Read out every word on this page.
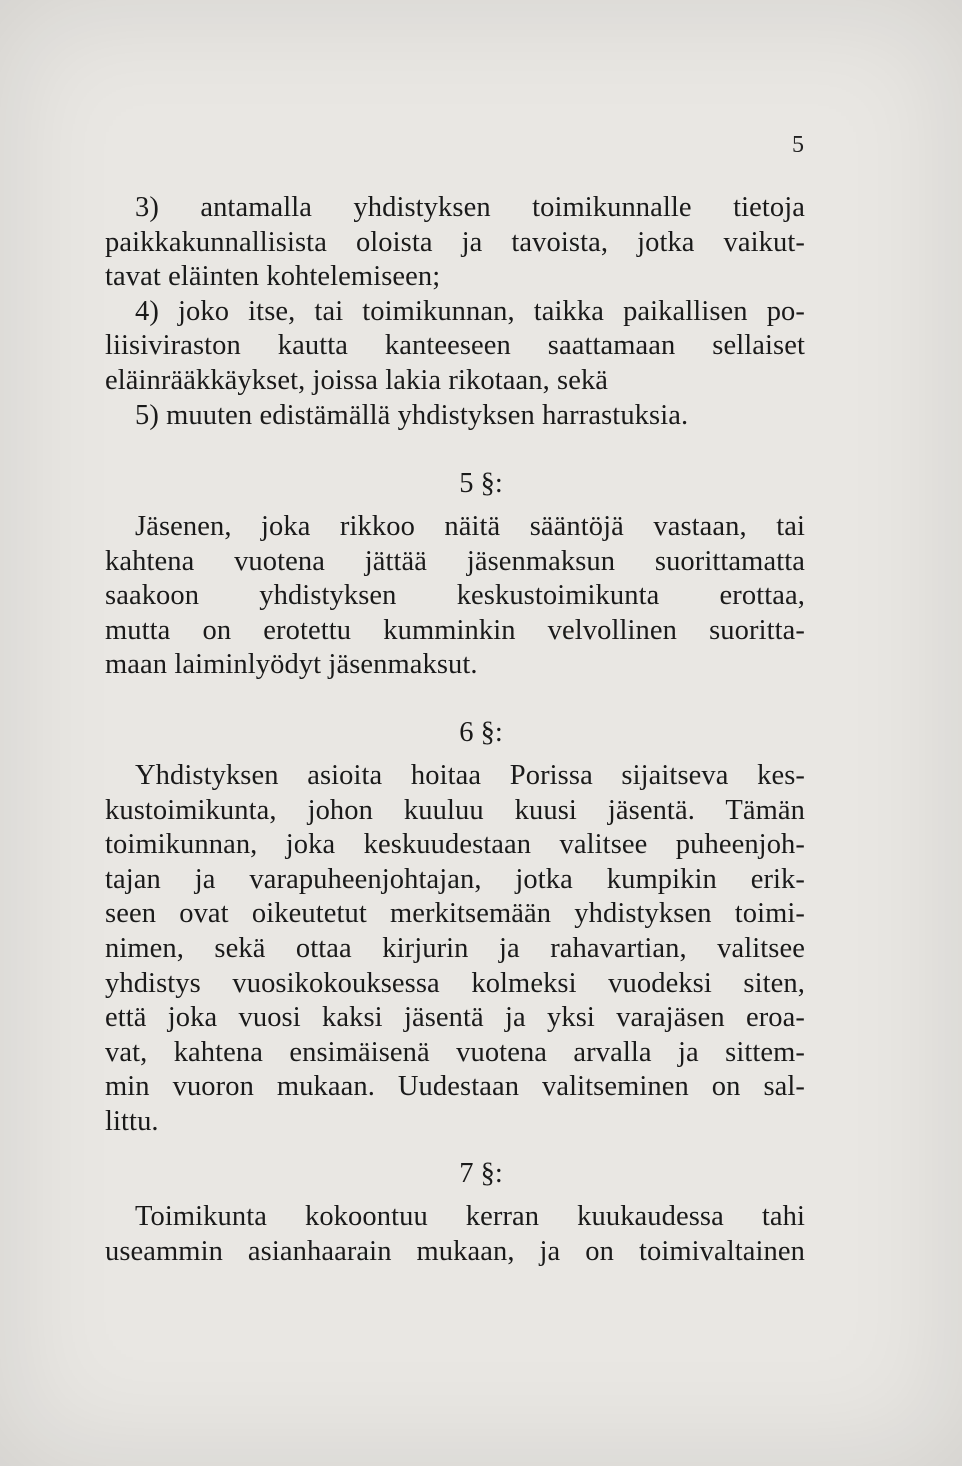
5
3) antamalla yhdistyksen toimikunnalle tietoja
paikkakunnallisista oloista ja tavoista, jotka vaikut-
tavat eläinten kohtelemiseen;
4) joko itse, tai toimikunnan, taikka paikallisen po-
liisiviraston kautta kanteeseen saattamaan sellaiset
eläinrääkkäykset, joissa lakia rikotaan, sekä
5) muuten edistämällä yhdistyksen harrastuksia.
5 §:
Jäsenen, joka rikkoo näitä sääntöjä vastaan, tai
kahtena vuotena jättää jäsenmaksun suorittamatta
saakoon yhdistyksen keskustoimikunta erottaa,
mutta on erotettu kumminkin velvollinen suoritta-
maan laiminlyödyt jäsenmaksut.
6 §:
Yhdistyksen asioita hoitaa Porissa sijaitseva kes-
kustoimikunta, johon kuuluu kuusi jäsentä. Tämän
toimikunnan, joka keskuudestaan valitsee puheenjoh-
tajan ja varapuheenjohtajan, jotka kumpikin erik-
seen ovat oikeutetut merkitsemään yhdistyksen toimi-
nimen, sekä ottaa kirjurin ja rahavartian, valitsee
yhdistys vuosikokouksessa kolmeksi vuodeksi siten,
että joka vuosi kaksi jäsentä ja yksi varajäsen eroa-
vat, kahtena ensimäisenä vuotena arvalla ja sittem-
min vuoron mukaan. Uudestaan valitseminen on sal-
littu.
7 §:
Toimikunta kokoontuu kerran kuukaudessa tahi
useammin asianhaarain mukaan, ja on toimivaltainen
